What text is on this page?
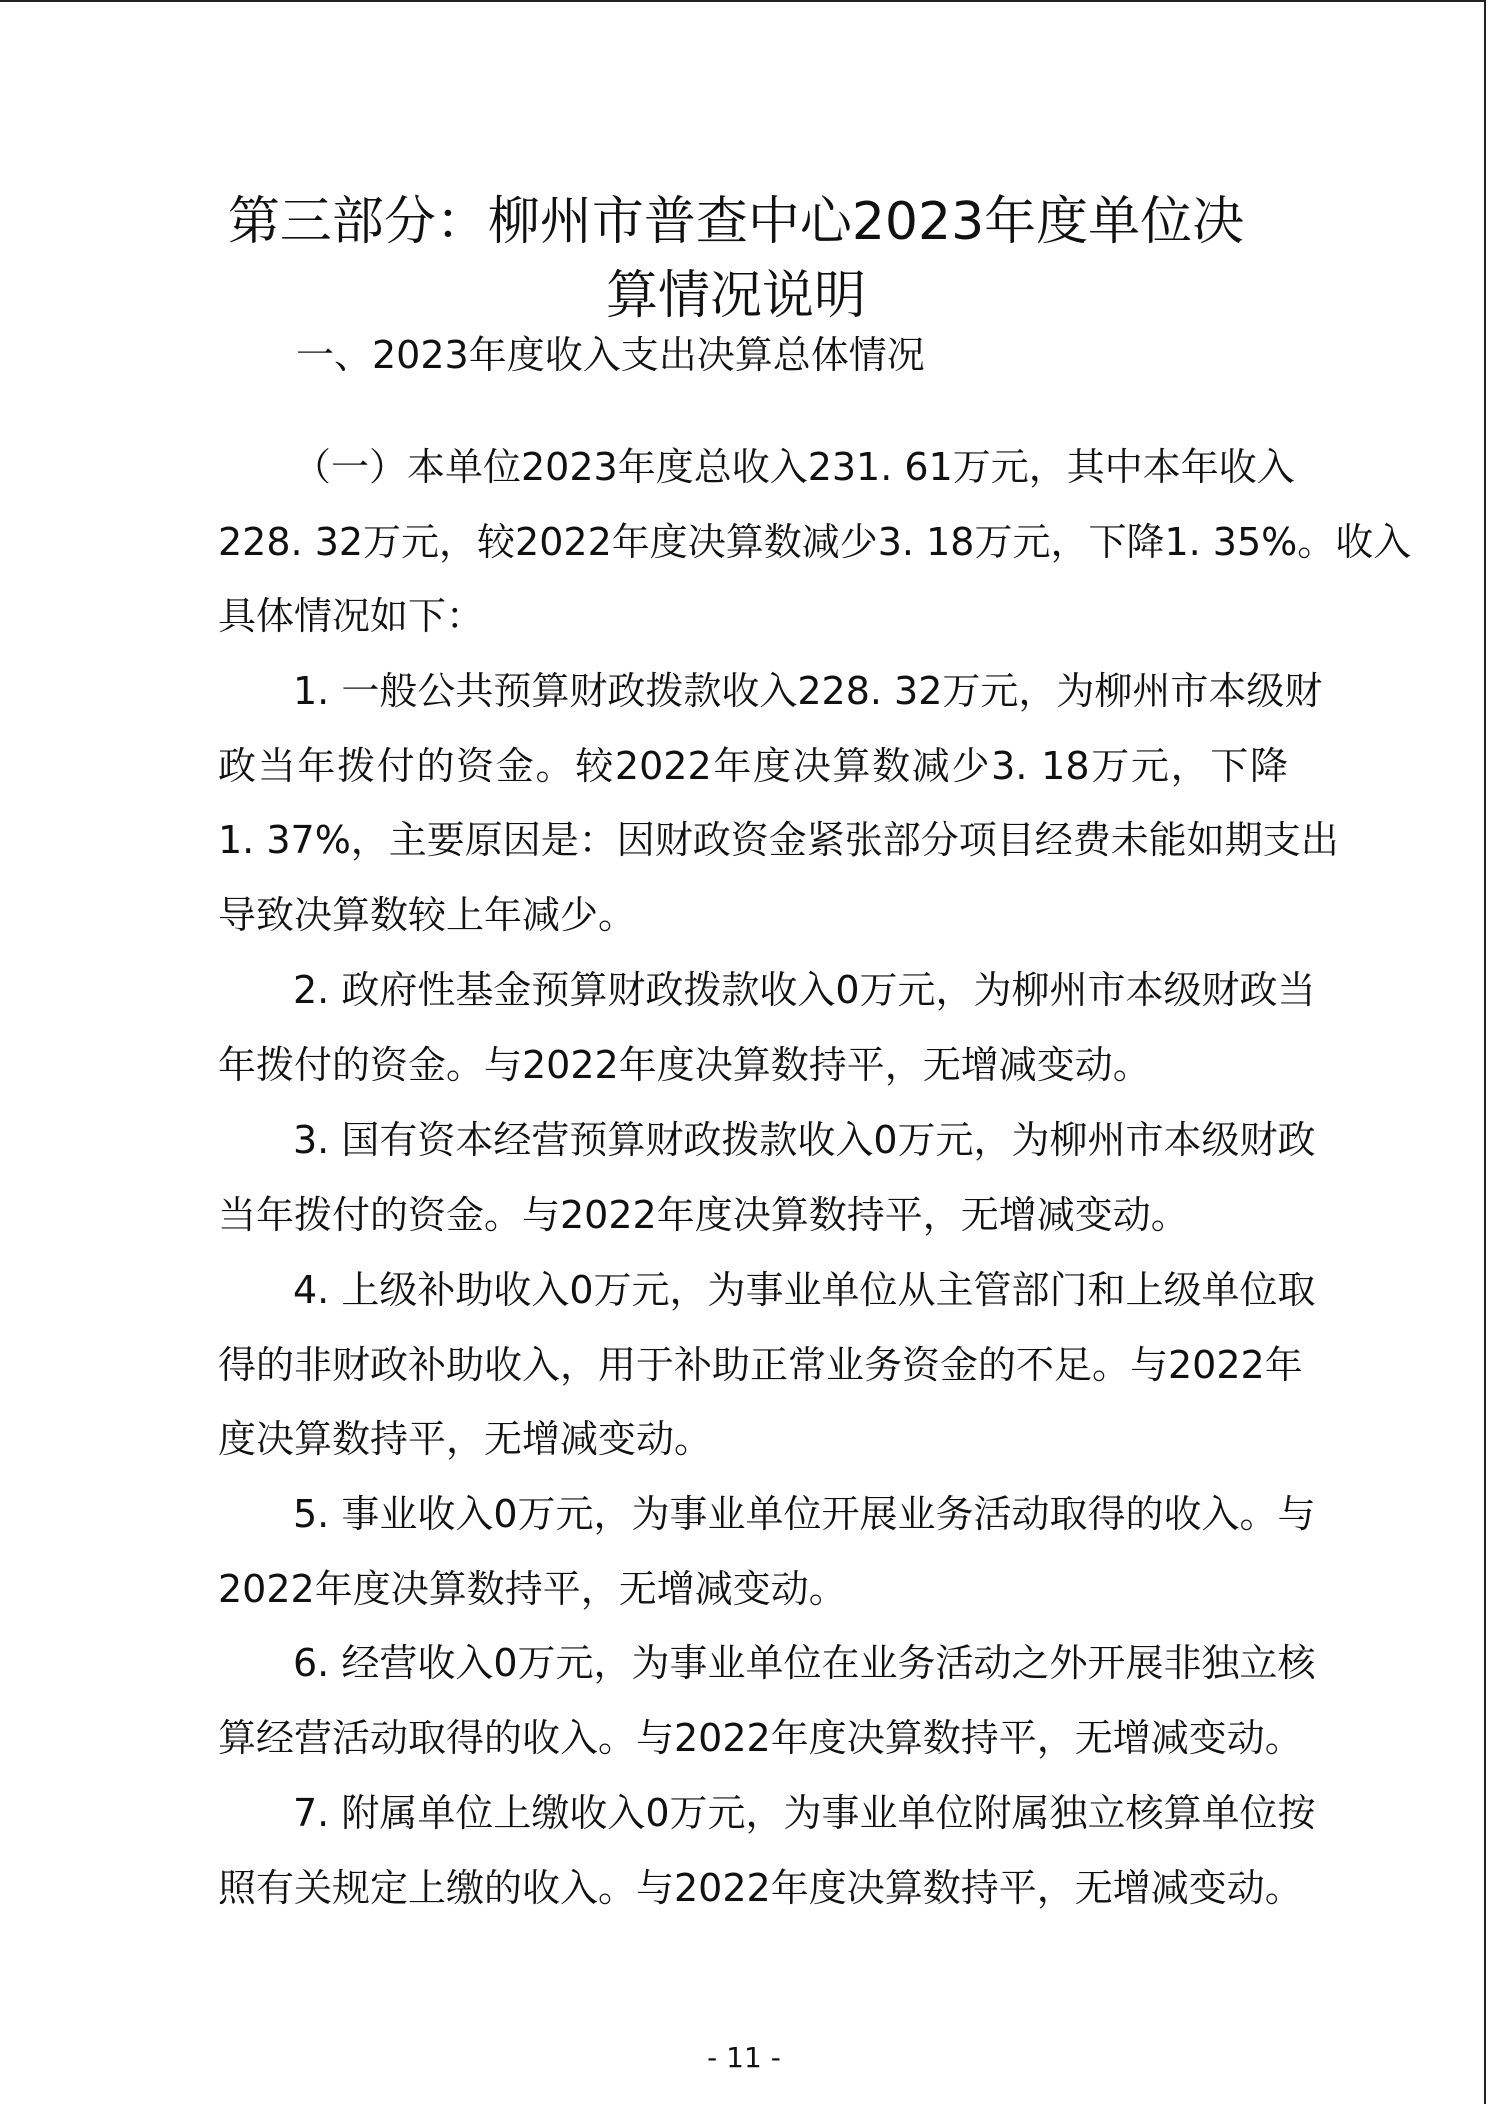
第三部分：柳州市普查中心2023年度单位决
算情况说明
一、2023年度收入支出决算总体情况
（一）本单位2023年度总收入231. 61万元，其中本年收入
228. 32万元，较2022年度决算数减少3. 18万元，下降1. 35%。收入
具体情况如下：
1. 一般公共预算财政拨款收入228. 32万元，为柳州市本级财
政当年拨付的资金。较2022年度决算数减少3. 18万元，下降
1. 37%，主要原因是：因财政资金紧张部分项目经费未能如期支出
导致决算数较上年减少。
2. 政府性基金预算财政拨款收入0万元，为柳州市本级财政当
年拨付的资金。与2022年度决算数持平，无增减变动。
3. 国有资本经营预算财政拨款收入0万元，为柳州市本级财政
当年拨付的资金。与2022年度决算数持平，无增减变动。
4. 上级补助收入0万元，为事业单位从主管部门和上级单位取
得的非财政补助收入，用于补助正常业务资金的不足。与2022年
度决算数持平，无增减变动。
5. 事业收入0万元，为事业单位开展业务活动取得的收入。与
2022年度决算数持平，无增减变动。
6. 经营收入0万元，为事业单位在业务活动之外开展非独立核
算经营活动取得的收入。与2022年度决算数持平，无增减变动。
7. 附属单位上缴收入0万元，为事业单位附属独立核算单位按
照有关规定上缴的收入。与2022年度决算数持平，无增减变动。
- 11 -
